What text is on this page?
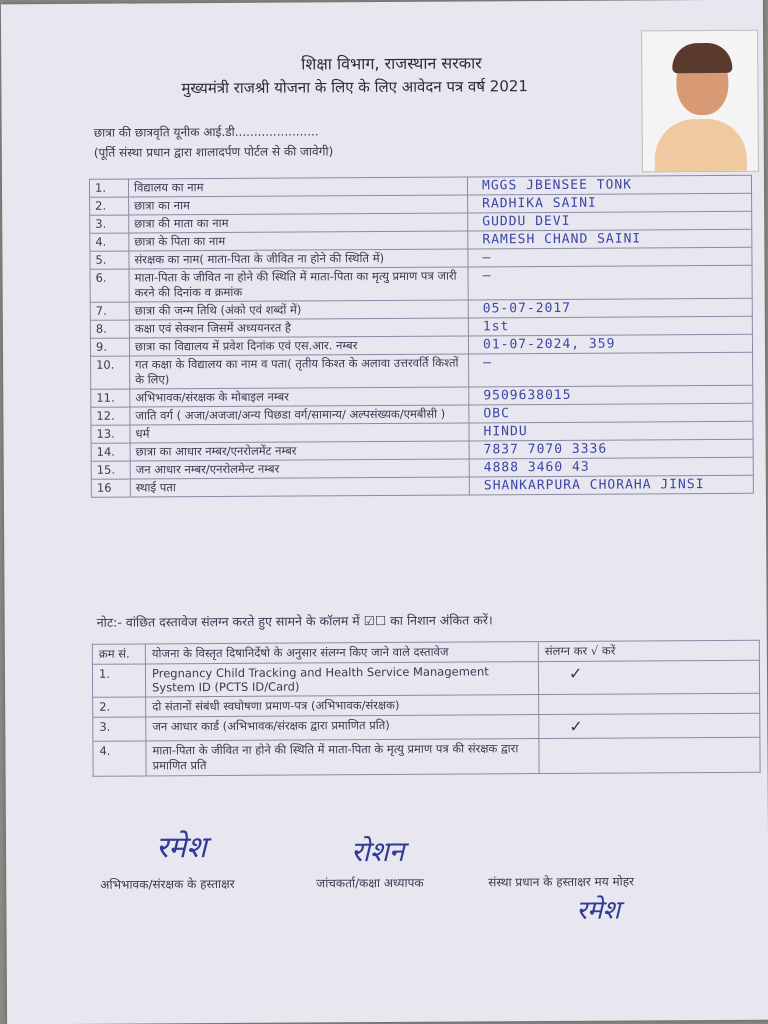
शिक्षा विभाग, राजस्थान सरकार
मुख्यमंत्री राजश्री योजना के लिए के लिए आवेदन पत्र वर्ष 2021
छात्रा की छात्रवृति यूनीक आई.डी......................
(पूर्ति संस्था प्रधान द्वारा शालादर्पण पोर्टल से की जावेगी)
1.	विद्यालय का नाम	MGGS JBENSEE TONK
2.	छात्रा का नाम	RADHIKA SAINI
3.	छात्रा की माता का नाम	GUDDU DEVI
4.	छात्रा के पिता का नाम	RAMESH CHAND SAINI
5.	संरक्षक का नाम( माता-पिता के जीवित ना होने की स्थिति में)	—
6.	माता-पिता के जीवित ना होने की स्थिति में माता-पिता का मृत्यु प्रमाण पत्र जारी करने की दिनांक व क्रमांक	—
7.	छात्रा की जन्म तिथि (अंको एवं शब्दों में)	05-07-2017
8.	कक्षा एवं सेक्शन जिसमें अध्ययनरत है	1st
9.	छात्रा का विद्यालय में प्रवेश दिनांक एवं एस.आर. नम्बर	01-07-2024, 359
10.	गत कक्षा के विद्यालय का नाम व पता( तृतीय किश्त के अलावा उत्तरवर्ति किश्तों के लिए)	—
11.	अभिभावक/संरक्षक के मोबाइल नम्बर	9509638015
12.	जाति वर्ग ( अजा/अजजा/अन्य पिछडा वर्ग/सामान्य/ अल्पसंख्यक/एमबीसी )	OBC
13.	धर्म	HINDU
14.	छात्रा का आधार नम्बर/एनरोलमेंट नम्बर	7837 7070 3336
15.	जन आधार नम्बर/एनरोलमेन्ट नम्बर	4888 3460 43
16	स्थाई पता	SHANKARPURA CHORAHA JINSI
नोट:- वांछित दस्तावेज संलग्न करते हुए सामने के कॉलम में ☑☐ का निशान अंकित करें।
क्रम सं.	योजना के विस्तृत दिषानिर्देषो के अनुसार संलग्न किए जाने वाले दस्तावेज	संलग्न कर √ करें
1.	Pregnancy Child Tracking and Health Service Management System ID (PCTS ID/Card)	✓
2.	दो संतानों संबंधी स्वघोषणा प्रमाण-पत्र (अभिभावक/संरक्षक)	
3.	जन आधार कार्ड (अभिभावक/संरक्षक द्वारा प्रमाणित प्रति)	✓
4.	माता-पिता के जीवित ना होने की स्थिति में माता-पिता के मृत्यु प्रमाण पत्र की संरक्षक द्वारा प्रमाणित प्रति	
रमेश	रोशन
रमेश
अभिभावक/संरक्षक के हस्ताक्षर	जांचकर्ता/कक्षा अध्यापक	संस्था प्रधान के हस्ताक्षर मय मोहर
